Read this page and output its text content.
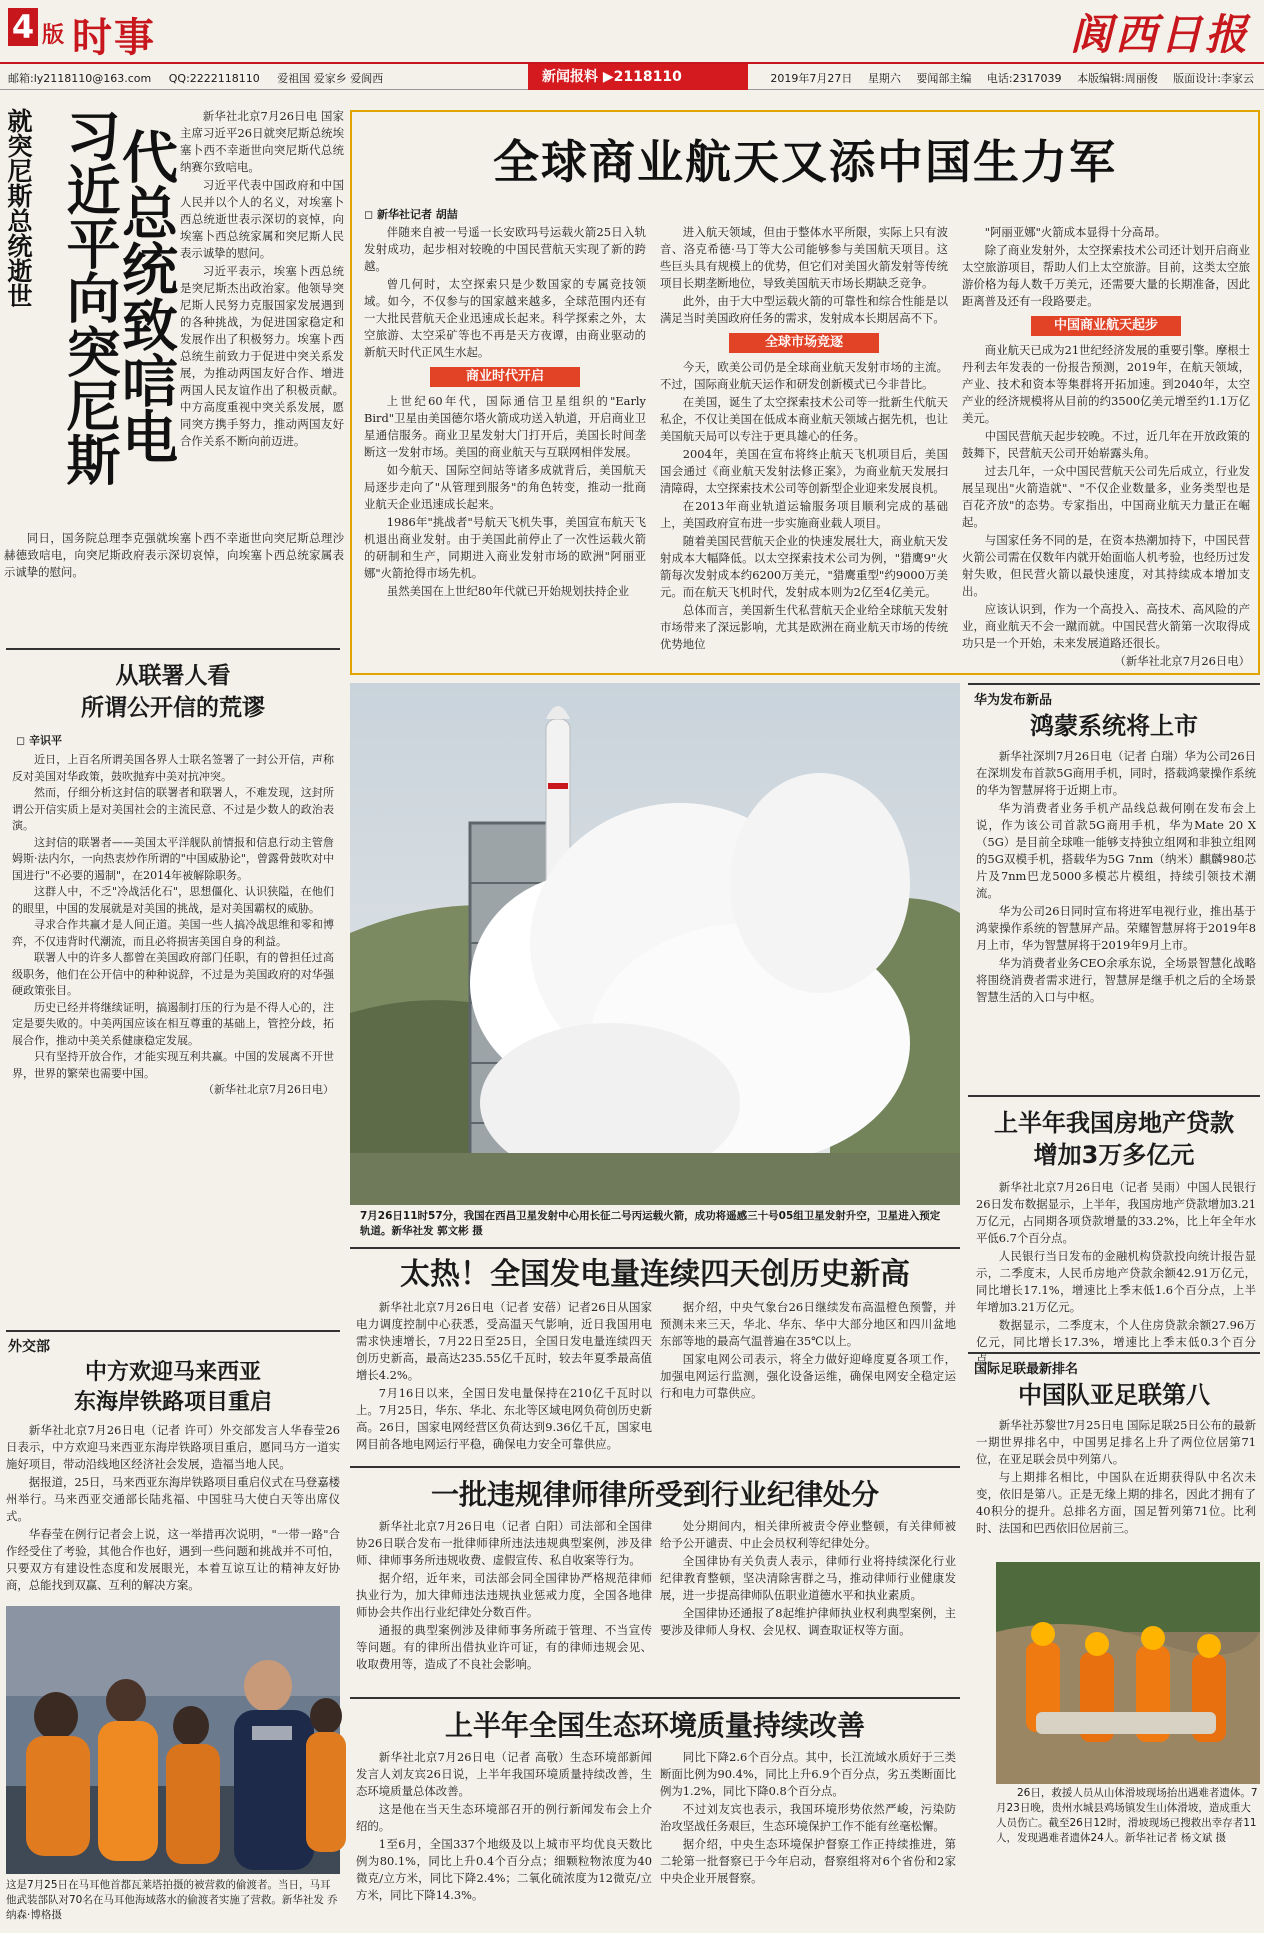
4 版 时事	阆西日报
邮箱:ly2118110@163.com QQ:2222118110 爱祖国 爱家乡 爱阆西	新闻报料 ▶2118110	2019年7月27日 星期六 要闻部主编 电话:2317039 本版编辑:周丽俊 版面设计:李家云
就突尼斯总统逝世 习近平向突尼斯
代总统致唁电

新华社北京7月26日电 国家主席习近平26日就突尼斯总统埃塞卜西不幸逝世向突尼斯代总统纳赛尔致唁电。

习近平代表中国政府和中国人民并以个人的名义，对埃塞卜西总统逝世表示深切的哀悼，向埃塞卜西总统家属和突尼斯人民表示诚挚的慰问。

习近平表示，埃塞卜西总统是突尼斯杰出政治家。他领导突尼斯人民努力克服国家发展遇到的各种挑战，为促进国家稳定和发展作出了积极努力。埃塞卜西总统生前致力于促进中突关系发展，为推动两国友好合作、增进两国人民友谊作出了积极贡献。中方高度重视中突关系发展，愿同突方携手努力，推动两国友好合作关系不断向前迈进。

同日，国务院总理李克强就埃塞卜西不幸逝世向突尼斯总理沙赫德致唁电，向突尼斯政府表示深切哀悼，向埃塞卜西总统家属表示诚挚的慰问。

从联署人看
所谓公开信的荒谬
◻ 辛识平

近日，上百名所谓美国各界人士联名签署了一封公开信，声称反对美国对华政策，鼓吹抛弃中美对抗冲突。

然而，仔细分析这封信的联署者和联署人，不难发现，这封所谓公开信实质上是对美国社会的主流民意、不过是少数人的政治表演。

这封信的联署者——美国太平洋舰队前情报和信息行动主管詹姆斯·法内尔，一向热衷炒作所谓的"中国威胁论"，曾露骨鼓吹对中国进行"不必要的遏制"，在2014年被解除职务。

这群人中，不乏"冷战活化石"，思想僵化、认识狭隘，在他们的眼里，中国的发展就是对美国的挑战，是对美国霸权的威胁。

寻求合作共赢才是人间正道。美国一些人搞冷战思维和零和博弈，不仅违背时代潮流，而且必将损害美国自身的利益。

联署人中的许多人都曾在美国政府部门任职，有的曾担任过高级职务，他们在公开信中的种种说辞，不过是为美国政府的对华强硬政策张目。

历史已经并将继续证明，搞遏制打压的行为是不得人心的，注定是要失败的。中美两国应该在相互尊重的基础上，管控分歧，拓展合作，推动中美关系健康稳定发展。

只有坚持开放合作，才能实现互利共赢。中国的发展离不开世界，世界的繁荣也需要中国。

（新华社北京7月26日电）

外交部
中方欢迎马来西亚
东海岸铁路项目重启

新华社北京7月26日电（记者 许可）外交部发言人华春莹26日表示，中方欢迎马来西亚东海岸铁路项目重启，愿同马方一道实施好项目，带动沿线地区经济社会发展，造福当地人民。

据报道，25日，马来西亚东海岸铁路项目重启仪式在马登嘉楼州举行。马来西亚交通部长陆兆福、中国驻马大使白天等出席仪式。

华春莹在例行记者会上说，这一举措再次说明，"一带一路"合作经受住了考验，其他合作也好，遇到一些问题和挑战并不可怕，只要双方有建设性态度和发展眼光，本着互谅互让的精神友好协商，总能找到双赢、互利的解决方案。

这是7月25日在马耳他首都瓦莱塔拍摄的被营救的偷渡者。当日，马耳他武装部队对70名在马耳他海域落水的偷渡者实施了营救。新华社发 乔纳森·博格摄
全球商业航天又添中国生力军
◻ 新华社记者 胡喆

伴随来自被一号遥一长安欧玛号运载火箭25日入轨发射成功，起步相对较晚的中国民营航天实现了新的跨越。

曾几何时，太空探索只是少数国家的专属竞技领域。如今，不仅参与的国家越来越多，全球范围内还有一大批民营航天企业迅速成长起来。科学探索之外，太空旅游、太空采矿等也不再是天方夜谭，由商业驱动的新航天时代正风生水起。

商业时代开启

上世纪60年代，国际通信卫星组织的"Early Bird"卫星由美国德尔塔火箭成功送入轨道，开启商业卫星通信服务。商业卫星发射大门打开后，美国长时间垄断这一发射市场。美国的商业航天与互联网相伴发展。

如今航天、国际空间站等诸多成就背后，美国航天局逐步走向了"从管理到服务"的角色转变，推动一批商业航天企业迅速成长起来。

1986年"挑战者"号航天飞机失事，美国宣布航天飞机退出商业发射。由于美国此前停止了一次性运载火箭的研制和生产，同期进入商业发射市场的欧洲"阿丽亚娜"火箭抢得市场先机。

虽然美国在上世纪80年代就已开始规划扶持企业

进入航天领域，但由于整体水平所限，实际上只有波音、洛克希德·马丁等大公司能够参与美国航天项目。这些巨头具有规模上的优势，但它们对美国火箭发射等传统项目长期垄断地位，导致美国航天市场长期缺乏竞争。

此外，由于大中型运载火箭的可靠性和综合性能是以满足当时美国政府任务的需求，发射成本长期居高不下。

全球市场竞逐

今天，欧美公司仍是全球商业航天发射市场的主流。不过，国际商业航天运作和研发创新模式已今非昔比。

在美国，诞生了太空探索技术公司等一批新生代航天私企，不仅让美国在低成本商业航天领域占据先机，也让美国航天局可以专注于更具雄心的任务。

2004年，美国在宣布将终止航天飞机项目后，美国国会通过《商业航天发射法修正案》，为商业航天发展扫清障碍，太空探索技术公司等创新型企业迎来发展良机。

在2013年商业轨道运输服务项目顺利完成的基础上，美国政府宣布进一步实施商业载人项目。

随着美国民营航天企业的快速发展壮大，商业航天发射成本大幅降低。以太空探索技术公司为例，"猎鹰9"火箭每次发射成本约6200万美元，"猎鹰重型"约9000万美元。而在航天飞机时代，发射成本则为2亿至4亿美元。

总体而言，美国新生代私营航天企业给全球航天发射市场带来了深远影响，尤其是欧洲在商业航天市场的传统优势地位

"阿丽亚娜"火箭成本显得十分高昂。

除了商业发射外，太空探索技术公司还计划开启商业太空旅游项目，帮助人们上太空旅游。目前，这类太空旅游价格为每人数千万美元，还需要大量的长期准备，因此距离普及还有一段路要走。

中国商业航天起步

商业航天已成为21世纪经济发展的重要引擎。摩根士丹利去年发表的一份报告预测，2019年，在航天领域，产业、技术和资本等集群将开拓加速。到2040年，太空产业的经济规模将从目前的约3500亿美元增至约1.1万亿美元。

中国民营航天起步较晚。不过，近几年在开放政策的鼓舞下，民营航天公司开始崭露头角。

过去几年，一众中国民营航天公司先后成立，行业发展呈现出"火箭造就"、"不仅企业数量多，业务类型也是百花齐放"的态势。专家指出，中国商业航天力量正在崛起。

与国家任务不同的是，在资本热潮加持下，中国民营火箭公司需在仅数年内就开始面临人机考验，也经历过发射失败，但民营火箭以最快速度，对其持续成本增加支出。

应该认识到，作为一个高投入、高技术、高风险的产业，商业航天不会一蹴而就。中国民营火箭第一次取得成功只是一个开始，未来发展道路还很长。

（新华社北京7月26日电）

7月26日11时57分，我国在西昌卫星发射中心用长征二号丙运载火箭，成功将遥感三十号05组卫星发射升空，卫星进入预定轨道。新华社发 郭文彬 摄
太热！全国发电量连续四天创历史新高

新华社北京7月26日电（记者 安蓓）记者26日从国家电力调度控制中心获悉，受高温天气影响，近日我国用电需求快速增长，7月22日至25日，全国日发电量连续四天创历史新高，最高达235.55亿千瓦时，较去年夏季最高值增长4.2%。

7月16日以来，全国日发电量保持在210亿千瓦时以上。7月25日，华东、华北、东北等区域电网负荷创历史新高。26日，国家电网经营区负荷达到9.36亿千瓦，国家电网目前各地电网运行平稳，确保电力安全可靠供应。

据介绍，中央气象台26日继续发布高温橙色预警，并预测未来三天，华北、华东、华中大部分地区和四川盆地东部等地的最高气温普遍在35℃以上。

国家电网公司表示，将全力做好迎峰度夏各项工作，加强电网运行监测，强化设备运维，确保电网安全稳定运行和电力可靠供应。

一批违规律师律所受到行业纪律处分

新华社北京7月26日电（记者 白阳）司法部和全国律协26日联合发布一批律师律所违法违规典型案例，涉及律师、律师事务所违规收费、虚假宣传、私自收案等行为。

据介绍，近年来，司法部会同全国律协严格规范律师执业行为，加大律师违法违规执业惩戒力度，全国各地律师协会共作出行业纪律处分数百件。

通报的典型案例涉及律师事务所疏于管理、不当宣传等问题。有的律所出借执业许可证，有的律师违规会见、收取费用等，造成了不良社会影响。

处分期间内，相关律所被责令停业整顿，有关律师被给予公开谴责、中止会员权利等纪律处分。

全国律协有关负责人表示，律师行业将持续深化行业纪律教育整顿，坚决清除害群之马，推动律师行业健康发展，进一步提高律师队伍职业道德水平和执业素质。

全国律协还通报了8起维护律师执业权利典型案例，主要涉及律师人身权、会见权、调查取证权等方面。

上半年全国生态环境质量持续改善

新华社北京7月26日电（记者 高敬）生态环境部新闻发言人刘友宾26日说，上半年我国环境质量持续改善，生态环境质量总体改善。

这是他在当天生态环境部召开的例行新闻发布会上介绍的。

1至6月，全国337个地级及以上城市平均优良天数比例为80.1%，同比上升0.4个百分点；细颗粒物浓度为40微克/立方米，同比下降2.4%；二氧化硫浓度为12微克/立方米，同比下降14.3%。

同比下降2.6个百分点。其中，长江流域水质好于三类断面比例为90.4%，同比上升6.9个百分点，劣五类断面比例为1.2%，同比下降0.8个百分点。

不过刘友宾也表示，我国环境形势依然严峻，污染防治攻坚战任务艰巨，生态环境保护工作不能有丝毫松懈。

据介绍，中央生态环境保护督察工作正持续推进，第二轮第一批督察已于今年启动，督察组将对6个省份和2家中央企业开展督察。

华为发布新品
鸿蒙系统将上市

新华社深圳7月26日电（记者 白瑞）华为公司26日在深圳发布首款5G商用手机，同时，搭载鸿蒙操作系统的华为智慧屏将于近期上市。

华为消费者业务手机产品线总裁何刚在发布会上说，作为该公司首款5G商用手机，华为Mate 20 X（5G）是目前全球唯一能够支持独立组网和非独立组网的5G双模手机，搭载华为5G 7nm（纳米）麒麟980芯片及7nm巴龙5000多模芯片模组，持续引领技术潮流。

华为公司26日同时宣布将进军电视行业，推出基于鸿蒙操作系统的智慧屏产品。荣耀智慧屏将于2019年8月上市，华为智慧屏将于2019年9月上市。

华为消费者业务CEO余承东说，全场景智慧化战略将围绕消费者需求进行，智慧屏是继手机之后的全场景智慧生活的入口与中枢。

上半年我国房地产贷款
增加3万多亿元

新华社北京7月26日电（记者 吴雨）中国人民银行26日发布数据显示，上半年，我国房地产贷款增加3.21万亿元，占同期各项贷款增量的33.2%，比上年全年水平低6.7个百分点。

人民银行当日发布的金融机构贷款投向统计报告显示，二季度末，人民币房地产贷款余额42.91万亿元，同比增长17.1%，增速比上季末低1.6个百分点，上半年增加3.21万亿元。

数据显示，二季度末，个人住房贷款余额27.96万亿元，同比增长17.3%，增速比上季末低0.3个百分点。

国际足联最新排名
中国队亚足联第八

新华社苏黎世7月25日电 国际足联25日公布的最新一期世界排名中，中国男足排名上升了两位位居第71位，在亚足联会员中列第八。

与上期排名相比，中国队在近期获得队中名次未变，依旧是第八。正是无缘上期的排名，因此才拥有了40积分的提升。总排名方面，国足暂列第71位。比利时、法国和巴西依旧位居前三。

26日，救援人员从山体滑坡现场抬出遇难者遗体。7月23日晚，贵州水城县鸡场镇发生山体滑坡，造成重大人员伤亡。截至26日12时，滑坡现场已搜救出幸存者11人，发现遇难者遗体24人。新华社记者 杨文斌 摄
